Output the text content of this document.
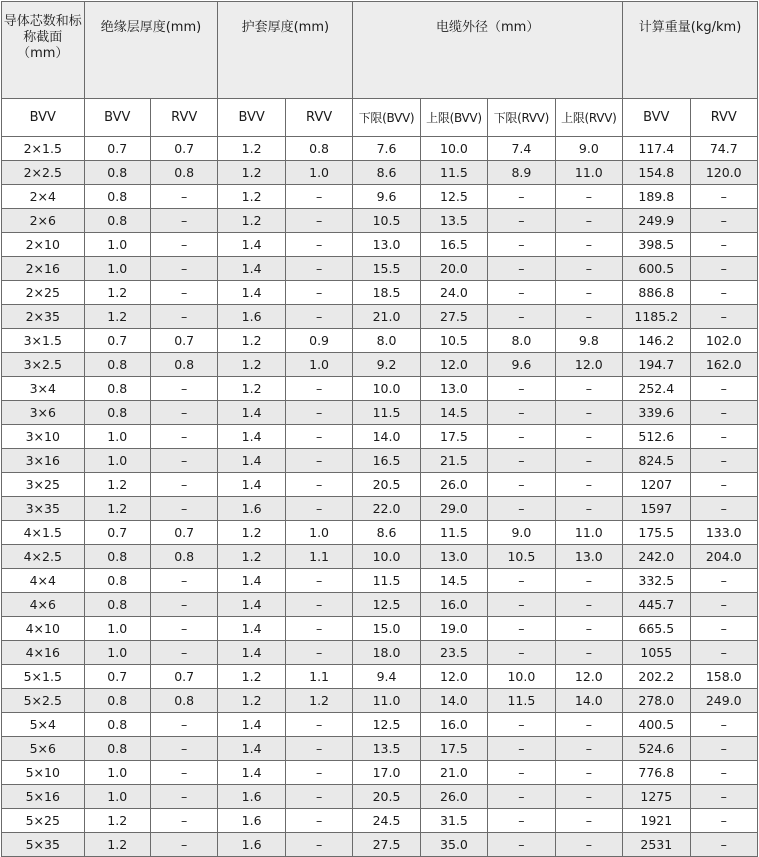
导体芯数和标称截面（mm）	绝缘层厚度(mm)		护套厚度(mm)		电缆外径（mm）				计算重量(kg/km)	
BVV	BVV	RVV	BVV	RVV	下限(BVV)	上限(BVV)	下限(RVV)	上限(RVV)	BVV	RVV
2×1.5	0.7	0.7	1.2	0.8	7.6	10.0	7.4	9.0	117.4	74.7
2×2.5	0.8	0.8	1.2	1.0	8.6	11.5	8.9	11.0	154.8	120.0
2×4	0.8	–	1.2	–	9.6	12.5	–	–	189.8	–
2×6	0.8	–	1.2	–	10.5	13.5	–	–	249.9	–
2×10	1.0	–	1.4	–	13.0	16.5	–	–	398.5	–
2×16	1.0	–	1.4	–	15.5	20.0	–	–	600.5	–
2×25	1.2	–	1.4	–	18.5	24.0	–	–	886.8	–
2×35	1.2	–	1.6	–	21.0	27.5	–	–	1185.2	–
3×1.5	0.7	0.7	1.2	0.9	8.0	10.5	8.0	9.8	146.2	102.0
3×2.5	0.8	0.8	1.2	1.0	9.2	12.0	9.6	12.0	194.7	162.0
3×4	0.8	–	1.2	–	10.0	13.0	–	–	252.4	–
3×6	0.8	–	1.4	–	11.5	14.5	–	–	339.6	–
3×10	1.0	–	1.4	–	14.0	17.5	–	–	512.6	–
3×16	1.0	–	1.4	–	16.5	21.5	–	–	824.5	–
3×25	1.2	–	1.4	–	20.5	26.0	–	–	1207	–
3×35	1.2	–	1.6	–	22.0	29.0	–	–	1597	–
4×1.5	0.7	0.7	1.2	1.0	8.6	11.5	9.0	11.0	175.5	133.0
4×2.5	0.8	0.8	1.2	1.1	10.0	13.0	10.5	13.0	242.0	204.0
4×4	0.8	–	1.4	–	11.5	14.5	–	–	332.5	–
4×6	0.8	–	1.4	–	12.5	16.0	–	–	445.7	–
4×10	1.0	–	1.4	–	15.0	19.0	–	–	665.5	–
4×16	1.0	–	1.4	–	18.0	23.5	–	–	1055	–
5×1.5	0.7	0.7	1.2	1.1	9.4	12.0	10.0	12.0	202.2	158.0
5×2.5	0.8	0.8	1.2	1.2	11.0	14.0	11.5	14.0	278.0	249.0
5×4	0.8	–	1.4	–	12.5	16.0	–	–	400.5	–
5×6	0.8	–	1.4	–	13.5	17.5	–	–	524.6	–
5×10	1.0	–	1.4	–	17.0	21.0	–	–	776.8	–
5×16	1.0	–	1.6	–	20.5	26.0	–	–	1275	–
5×25	1.2	–	1.6	–	24.5	31.5	–	–	1921	–
5×35	1.2	–	1.6	–	27.5	35.0	–	–	2531	–
